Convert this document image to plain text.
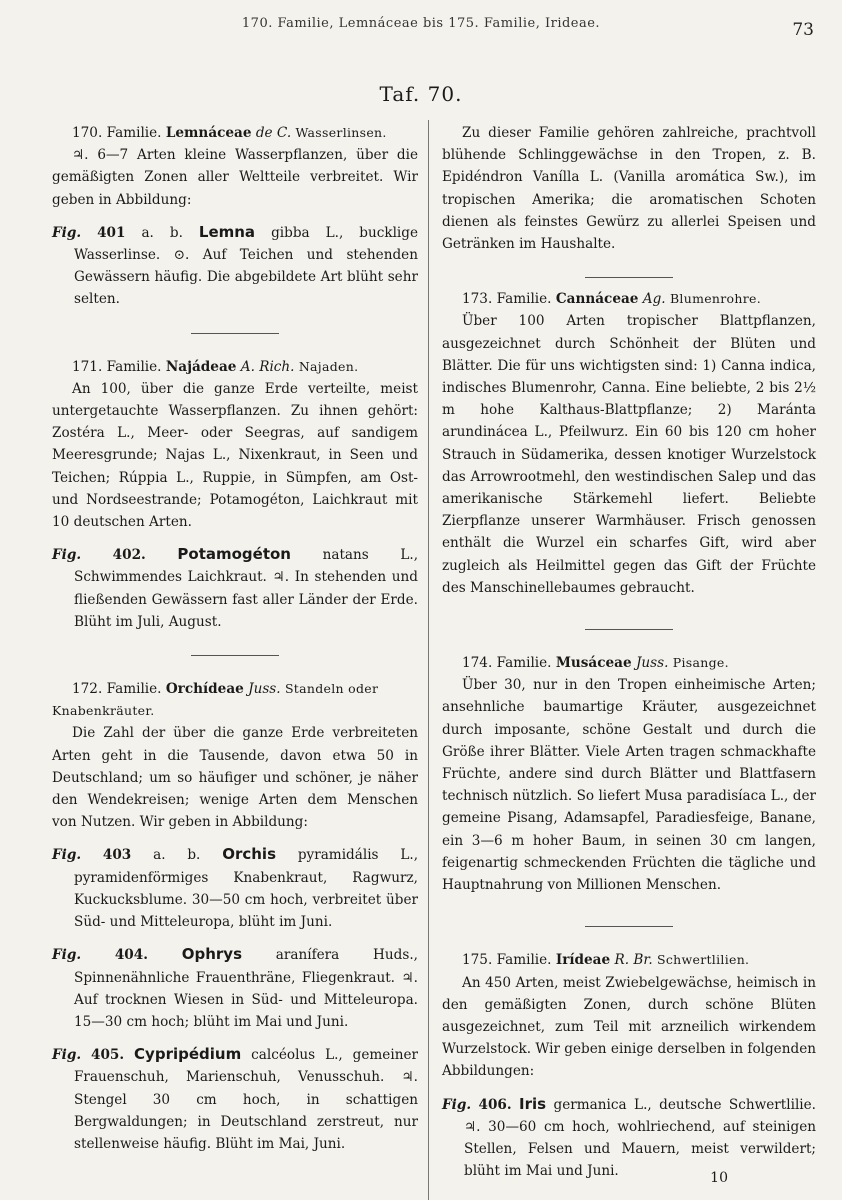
170. Familie, Lemnáceae bis 175. Familie, Irideae.	73
Taf. 70.

170. Familie. Lemnáceae de C. Wasserlinsen.

♃. 6—7 Arten kleine Wasserpflanzen, über die gemäßigten Zonen aller Weltteile verbreitet. Wir geben in Abbildung:

Fig. 401 a. b. Lemna gibba L., bucklige Wasserlinse. ⊙. Auf Teichen und stehenden Gewässern häufig. Die abgebildete Art blüht sehr selten.

171. Familie. Najádeae A. Rich. Najaden.

An 100, über die ganze Erde verteilte, meist untergetauchte Wasserpflanzen. Zu ihnen gehört: Zostéra L., Meer- oder Seegras, auf sandigem Meeresgrunde; Najas L., Nixenkraut, in Seen und Teichen; Rúppia L., Ruppie, in Sümpfen, am Ost- und Nordseestrande; Potamogéton, Laichkraut mit 10 deutschen Arten.

Fig. 402. Potamogéton natans L., Schwimmendes Laichkraut. ♃. In stehenden und fließenden Gewässern fast aller Länder der Erde. Blüht im Juli, August.

172. Familie. Orchídeae Juss. Standeln oder Knabenkräuter.

Die Zahl der über die ganze Erde verbreiteten Arten geht in die Tausende, davon etwa 50 in Deutschland; um so häufiger und schöner, je näher den Wendekreisen; wenige Arten dem Menschen von Nutzen. Wir geben in Abbildung:

Fig. 403 a. b. Orchis pyramidális L., pyramidenförmiges Knabenkraut, Ragwurz, Kuckucksblume. 30—50 cm hoch, verbreitet über Süd- und Mitteleuropa, blüht im Juni.

Fig. 404. Ophrys aranífera Huds., Spinnenähnliche Frauenthräne, Fliegenkraut. ♃. Auf trocknen Wiesen in Süd- und Mitteleuropa. 15—30 cm hoch; blüht im Mai und Juni.

Fig. 405. Cypripédium calcéolus L., gemeiner Frauenschuh, Marienschuh, Venusschuh. ♃. Stengel 30 cm hoch, in schattigen Bergwaldungen; in Deutschland zerstreut, nur stellenweise häufig. Blüht im Mai, Juni.

Zu dieser Familie gehören zahlreiche, prachtvoll blühende Schlinggewächse in den Tropen, z. B. Epidéndron Vanílla L. (Vanilla aromática Sw.), im tropischen Amerika; die aromatischen Schoten dienen als feinstes Gewürz zu allerlei Speisen und Getränken im Haushalte.

173. Familie. Cannáceae Ag. Blumenrohre.

Über 100 Arten tropischer Blattpflanzen, ausgezeichnet durch Schönheit der Blüten und Blätter. Die für uns wichtigsten sind: 1) Canna indica, indisches Blumenrohr, Canna. Eine beliebte, 2 bis 2½ m hohe Kalthaus-Blattpflanze; 2) Maránta arundinácea L., Pfeilwurz. Ein 60 bis 120 cm hoher Strauch in Südamerika, dessen knotiger Wurzelstock das Arrowrootmehl, den westindischen Salep und das amerikanische Stärkemehl liefert. Beliebte Zierpflanze unserer Warmhäuser. Frisch genossen enthält die Wurzel ein scharfes Gift, wird aber zugleich als Heilmittel gegen das Gift der Früchte des Manschinellebaumes gebraucht.

174. Familie. Musáceae Juss. Pisange.

Über 30, nur in den Tropen einheimische Arten; ansehnliche baumartige Kräuter, ausgezeichnet durch imposante, schöne Gestalt und durch die Größe ihrer Blätter. Viele Arten tragen schmackhafte Früchte, andere sind durch Blätter und Blattfasern technisch nützlich. So liefert Musa paradisíaca L., der gemeine Pisang, Adamsapfel, Paradiesfeige, Banane, ein 3—6 m hoher Baum, in seinen 30 cm langen, feigenartig schmeckenden Früchten die tägliche und Hauptnahrung von Millionen Menschen.

175. Familie. Irídeae R. Br. Schwertlilien.

An 450 Arten, meist Zwiebelgewächse, heimisch in den gemäßigten Zonen, durch schöne Blüten ausgezeichnet, zum Teil mit arzneilich wirkendem Wurzelstock. Wir geben einige derselben in folgenden Abbildungen:

Fig. 406. Iris germanica L., deutsche Schwertlilie. ♃. 30—60 cm hoch, wohlriechend, auf steinigen Stellen, Felsen und Mauern, meist verwildert; blüht im Mai und Juni.	10
